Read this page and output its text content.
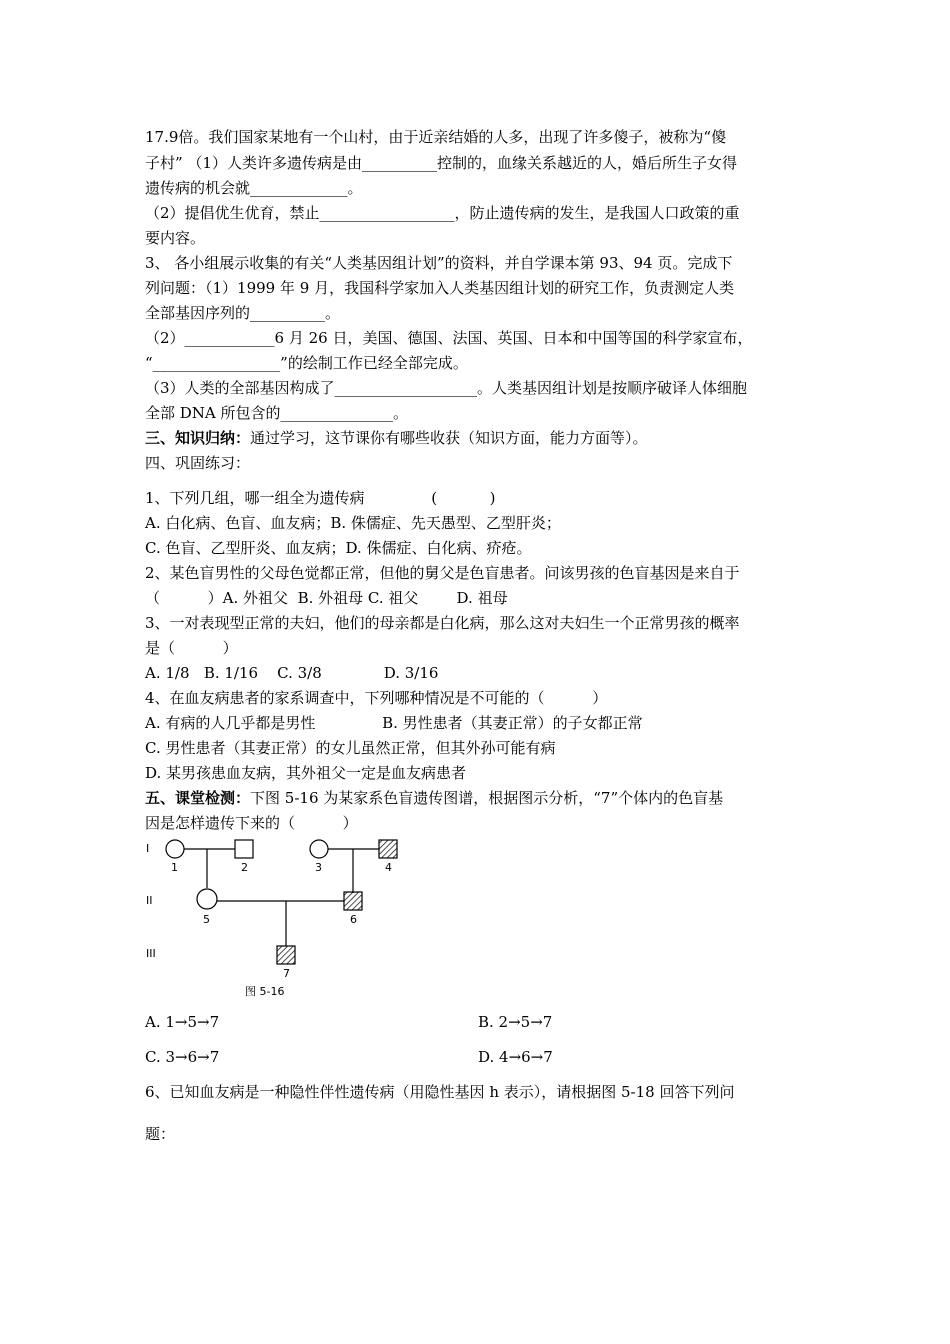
17.9倍。我们国家某地有一个山村，由于近亲结婚的人多，出现了许多傻子，被称为“傻
子村” （1）人类许多遗传病是由__________控制的，血缘关系越近的人，婚后所生子女得
遗传病的机会就_____________。
（2）提倡优生优育，禁止__________________，防止遗传病的发生，是我国人口政策的重
要内容。
3、 各小组展示收集的有关“人类基因组计划”的资料，并自学课本第 93、94 页。完成下
列问题：（1）1999 年 9 月，我国科学家加入人类基因组计划的研究工作，负责测定人类
全部基因序列的__________。
（2）____________6 月 26 日，美国、德国、法国、英国、日本和中国等国的科学家宣布，
“_________________”的绘制工作已经全部完成。
（3）人类的全部基因构成了___________________。人类基因组计划是按顺序破译人体细胞
全部 DNA 所包含的_______________。
三、知识归纳：通过学习，这节课你有哪些收获（知识方面，能力方面等）。
四、巩固练习：
1、下列几组，哪一组全为遗传病              (           )
A. 白化病、色盲、血友病；B. 侏儒症、先天愚型、乙型肝炎；
C. 色盲、乙型肝炎、血友病；D. 侏儒症、白化病、疥疮。
2、某色盲男性的父母色觉都正常，但他的舅父是色盲患者。问该男孩的色盲基因是来自于
（          ）A. 外祖父  B. 外祖母 C. 祖父        D. 祖母
3、一对表现型正常的夫妇，他们的母亲都是白化病，那么这对夫妇生一个正常男孩的概率
是（          ）
A. 1/8   B. 1/16    C. 3/8             D. 3/16
4、在血友病患者的家系调查中，下列哪种情况是不可能的（          ）
A. 有病的人几乎都是男性              B. 男性患者（其妻正常）的子女都正常
C. 男性患者（其妻正常）的女儿虽然正常，但其外孙可能有病
D. 某男孩患血友病，其外祖父一定是血友病患者
五、课堂检测：下图 5-16 为某家系色盲遗传图谱，根据图示分析，“7”个体内的色盲基
因是怎样遗传下来的（          ）
I
II
III
1	2	3	4
5	6
7
图 5-16
A. 1→5→7	B. 2→5→7
C. 3→6→7	D. 4→6→7
6、已知血友病是一种隐性伴性遗传病（用隐性基因 h 表示），请根据图 5-18 回答下列问
题：
